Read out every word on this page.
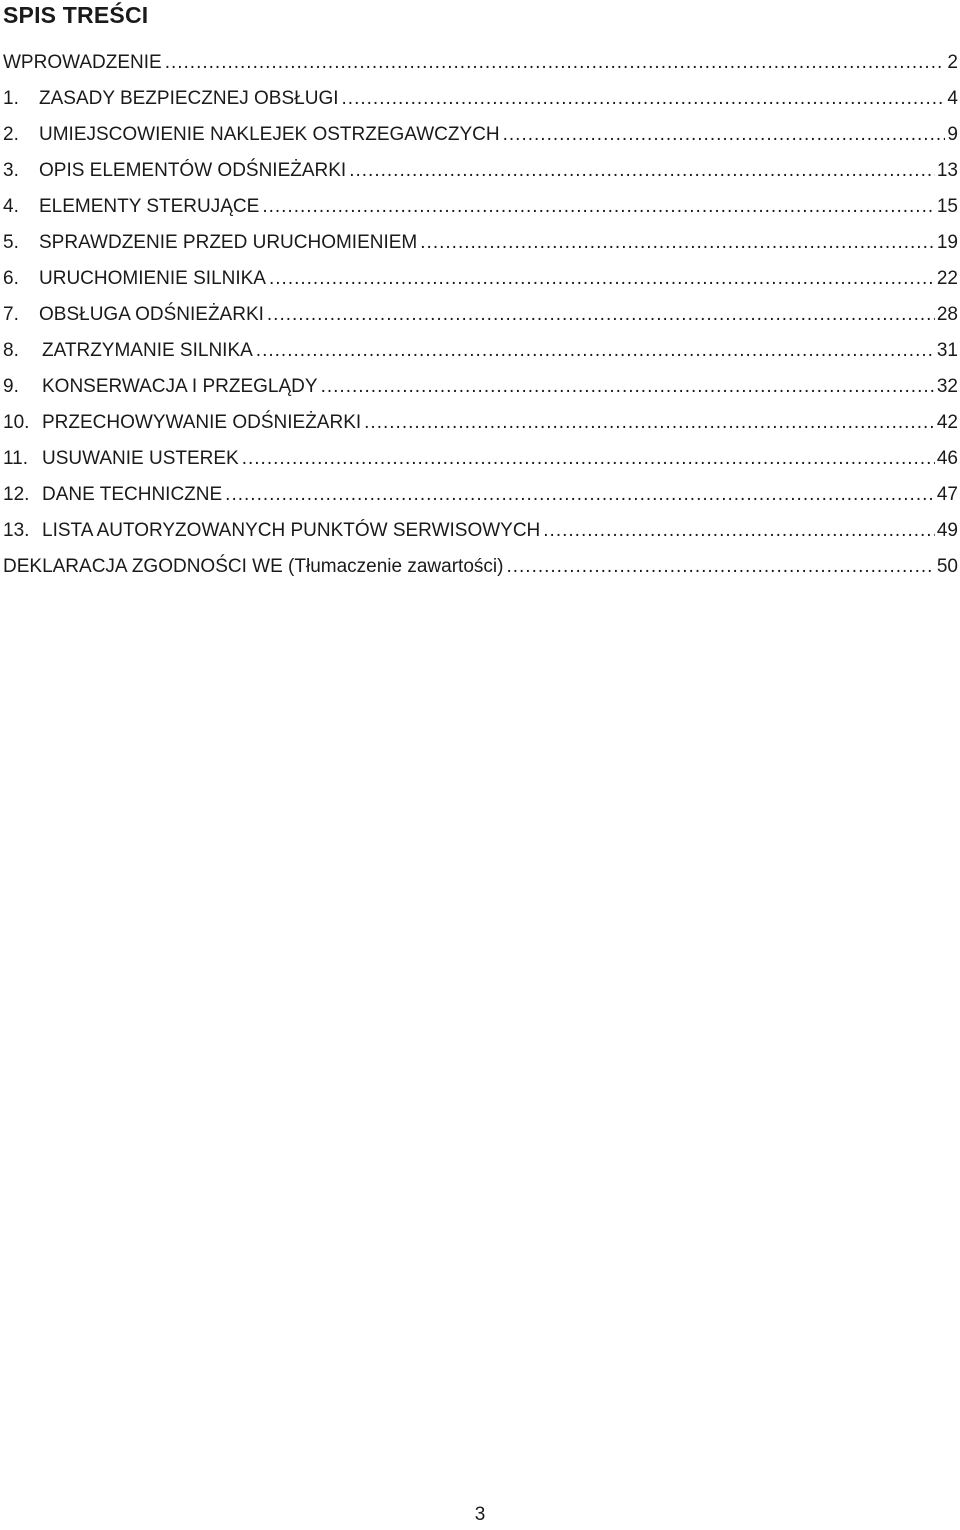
SPIS TREŚCI
WPROWADZENIE .....	2
1.	ZASADY BEZPIECZNEJ OBSŁUGI .....	4
2.	UMIEJSCOWIENIE NAKLEJEK OSTRZEGAWCZYCH .....	9
3.	OPIS ELEMENTÓW ODŚNIEŻARKI .....	13
4.	ELEMENTY STERUJĄCE .....	15
5.	SPRAWDZENIE PRZED URUCHOMIENIEM .....	19
6.	URUCHOMIENIE SILNIKA .....	22
7.	OBSŁUGA ODŚNIEŻARKI .....	28
8.	ZATRZYMANIE SILNIKA .....	31
9.	KONSERWACJA I PRZEGLĄDY .....	32
10. PRZECHOWYWANIE ODŚNIEŻARKI .....	42
11. USUWANIE USTEREK .....	46
12. DANE TECHNICZNE .....	47
13. LISTA AUTORYZOWANYCH PUNKTÓW SERWISOWYCH .....	49
DEKLARACJA ZGODNOŚCI WE (Tłumaczenie zawartości) .....	50
3
